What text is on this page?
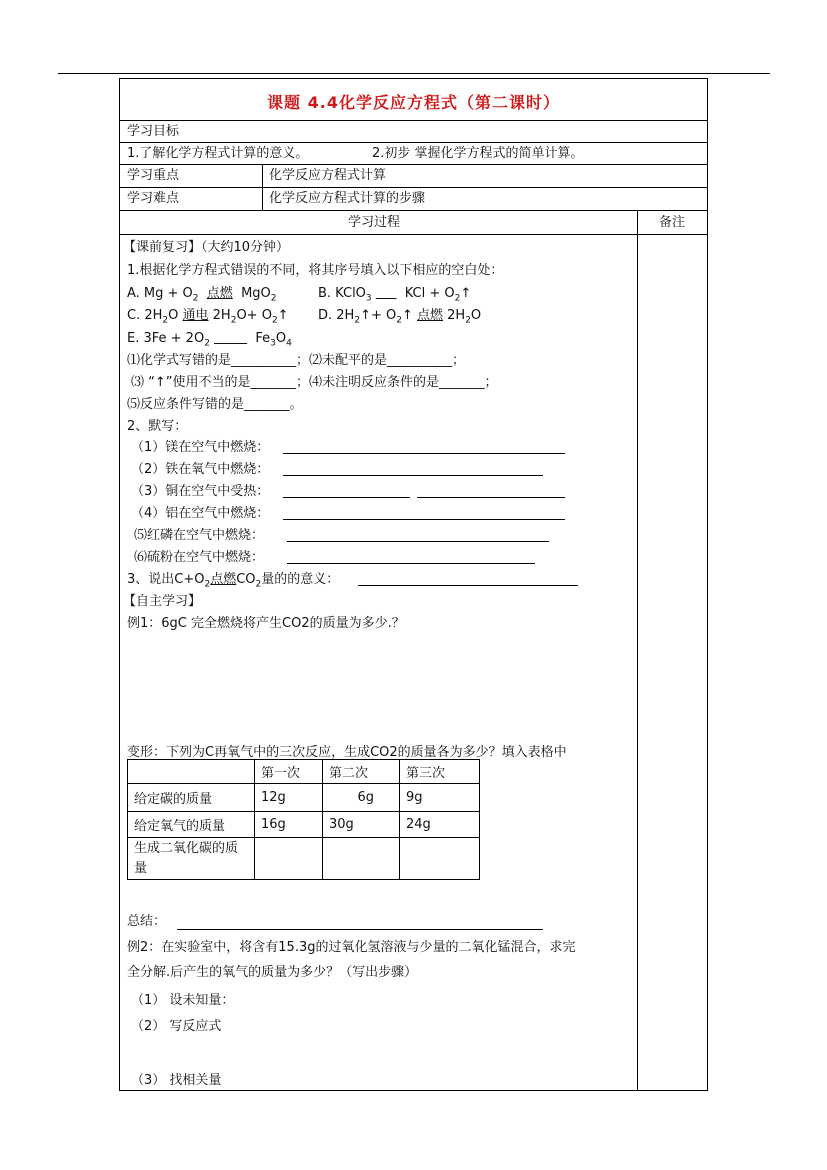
课题 4.4化学反应方程式（第二课时）
学习目标
1.了解化学方程式计算的意义。	2.初步 掌握化学方程式的简单计算。
学习重点	化学反应方程式计算
学习难点	化学反应方程式计算的步骤
学习过程	备注
【课前复习】（大约10分钟）
1.根据化学方程式错误的不同，将其序号填入以下相应的空白处：
A. $Mg + O_2$ 点燃 MgO$_2$	B. KClO$_3$	KCl + $O_2↑$
C. $2H_2O$ 通电 $2H_2O+$ $O_2↑$ D. $2H_2↑+$ $O_2↑$ 点燃 $2H_2O$
E. $3Fe + 2O_2$	$Fe_3O_4$
⑴化学式写错的是__________；⑵未配平的是__________；
⑶ “↑”使用不当的是_______；⑷未注明反应条件的是_______；
⑸反应条件写错的是_______。
2、默写：
（1）镁在空气中燃烧：
（2）铁在氧气中燃烧：
（3）铜在空气中受热：
（4）铝在空气中燃烧：
⑸红磷在空气中燃烧：
⑹硫粉在空气中燃烧：
3、说出$C+O_2$点燃$CO_2$量的的意义：
【自主学习】
例1：6gC 完全燃烧将产生CO2的质量为多少.？
变形：下列为C再氧气中的三次反应，生成CO2的质量各为多少？填入表格中
	第一次	第二次	第三次
给定碳的质量	12g	6g	9g
给定氧气的质量	16g	30g	24g
生成二氧化碳的质量			
总结：
例2：在实验室中，将含有15.3g的过氧化氢溶液与少量的二氧化锰混合，求完
全分解.后产生的氧气的质量为多少？（写出步骤）
（1） 设未知量：
（2） 写反应式
（3） 找相关量
